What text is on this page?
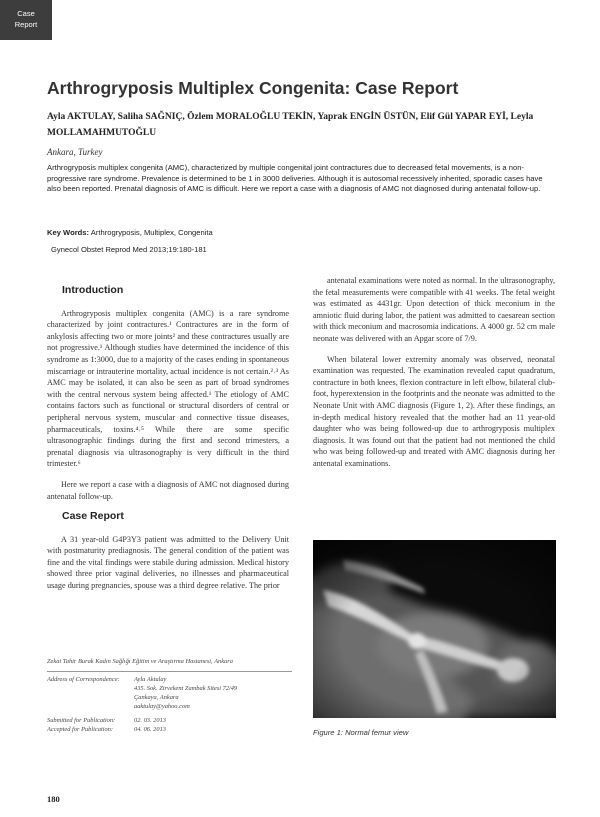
Case
Report
Arthrogryposis Multiplex Congenita: Case Report
Ayla AKTULAY, Saliha SAĞNIÇ, Özlem MORALOĞLU TEKİN, Yaprak ENGİN ÜSTÜN, Elif Gül YAPAR EYİ, Leyla MOLLAMAHMUTOĞLU
Ankara, Turkey
Arthrogryposis multiplex congenita (AMC), characterized by multiple congenital joint contractures due to decreased fetal movements, is a non-progressive rare syndrome. Prevalence is determined to be 1 in 3000 deliveries. Although it is autosomal recessively inherited, sporadic cases have also been reported. Prenatal diagnosis of AMC is difficult. Here we report a case with a diagnosis of AMC not diagnosed during antenatal follow-up.
Key Words: Arthrogryposis, Multiplex, Congenita
Gynecol Obstet Reprod Med 2013;19:180-181
Introduction

Arthrogryposis multiplex congenita (AMC) is a rare syndrome characterized by joint contractures.¹ Contractures are in the form of ankylosis affecting two or more joints² and these contractures usually are not progressive.¹ Although studies have determined the incidence of this syndrome as 1:3000, due to a majority of the cases ending in spontaneous miscarriage or intrauterine mortality, actual incidence is not certain.²˒³ As AMC may be isolated, it can also be seen as part of broad syndromes with the central nervous system being affected.¹ The etiology of AMC contains factors such as functional or structural disorders of central or peripheral nervous system, muscular and connective tissue diseases, pharmaceuticals, toxins.⁴˒⁵ While there are some specific ultrasonographic findings during the first and second trimesters, a prenatal diagnosis via ultrasonography is very difficult in the third trimester.⁶

Here we report a case with a diagnosis of AMC not diagnosed during antenatal follow-up.

Case Report

A 31 year-old G4P3Y3 patient was admitted to the Delivery Unit with postmaturity prediagnosis. The general condition of the patient was fine and the vital findings were stabile during admission. Medical history showed three prior vaginal deliveries, no illnesses and pharmaceutical usage during pregnancies, spouse was a third degree relative. The prior

antenatal examinations were noted as normal. In the ultrasonography, the fetal measurements were compatible with 41 weeks. The fetal weight was estimated as 4431gr. Upon detection of thick meconium in the amniotic fluid during labor, the patient was admitted to caesarean section with thick meconium and macrosomia indications. A 4000 gr. 52 cm male neonate was delivered with an Apgar score of 7/9.

When bilateral lower extremity anomaly was observed, neonatal examination was requested. The examination revealed caput quadratum, contracture in both knees, flexion contracture in left elbow, bilateral club-foot, hyperextension in the footprints and the neonate was admitted to the Neonate Unit with AMC diagnosis (Figure 1, 2). After these findings, an in-depth medical history revealed that the mother had an 11 year-old daughter who was being followed-up due to arthrogryposis multiplex diagnosis. It was found out that the patient had not mentioned the child who was being followed-up and treated with AMC diagnosis during her antenatal examinations.

Zekai Tahir Burak Kadın Sağlığı Eğitim ve Araştırma Hastanesi, Ankara
Address of Correspondence:	Ayla Aktulay
435. Sok. Zirvekent Zambak Sitesi 72/49
Çankaya, Ankara
aaktulay@yahoo.com
Submitted for Publication:	02. 03. 2013
Accepted for Publication:	04. 06. 2013
180
Figure 1: Normal femur view
